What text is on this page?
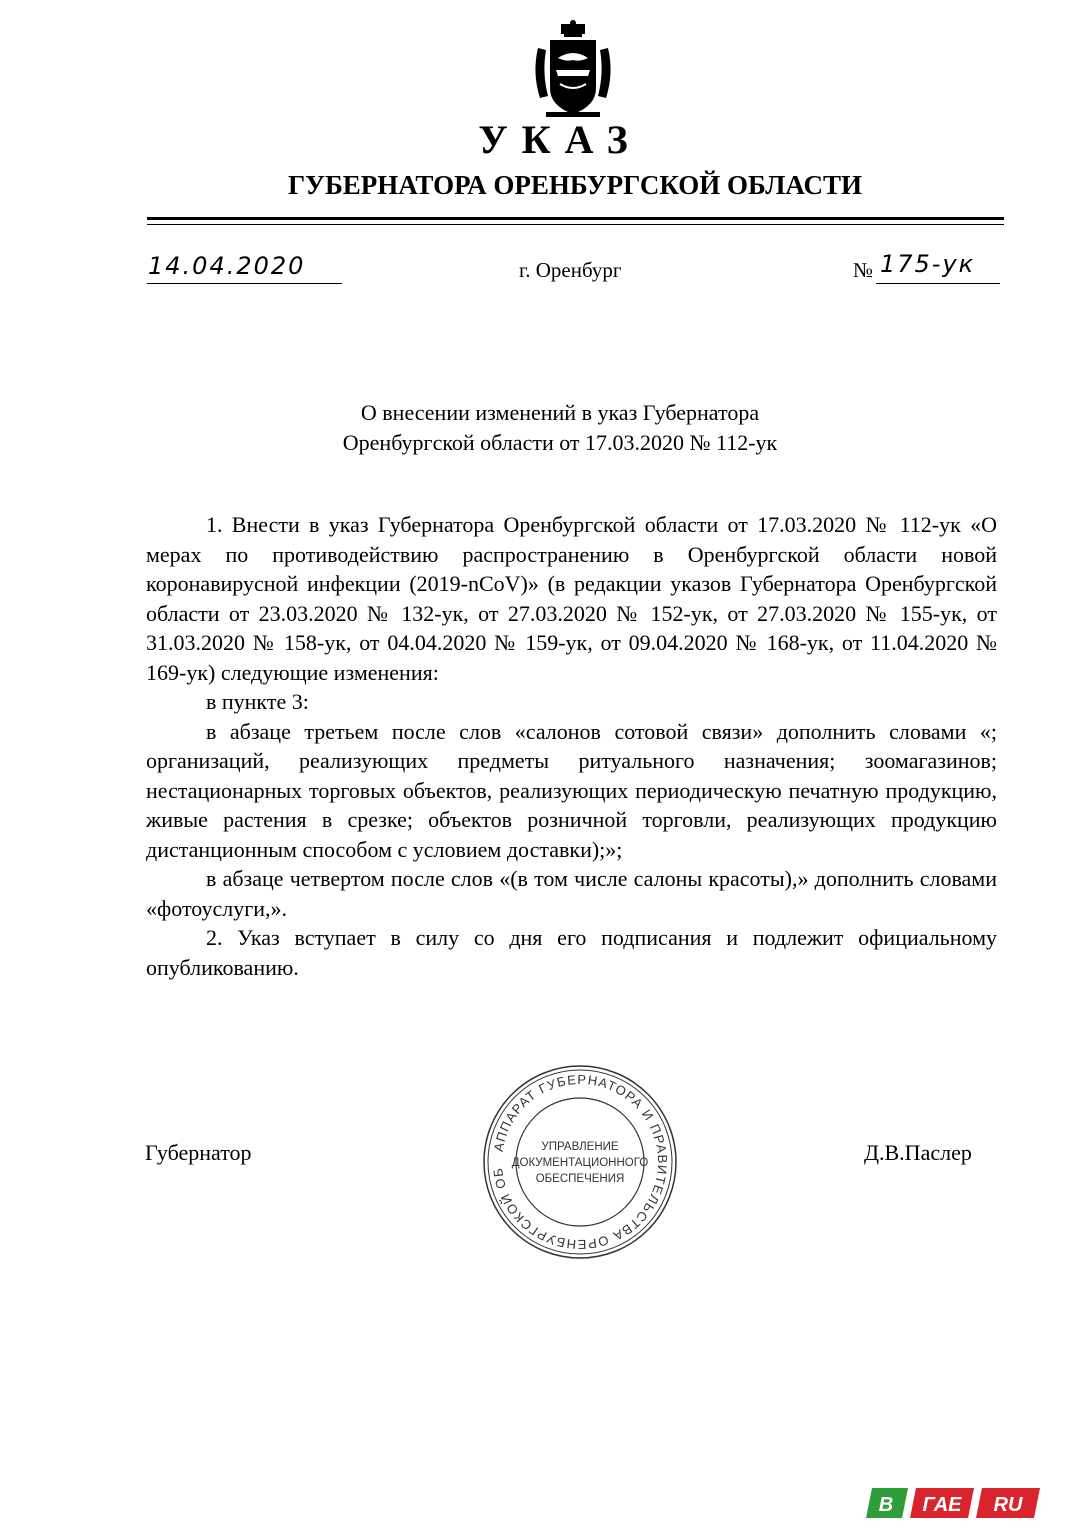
УКАЗ
ГУБЕРНАТОРА ОРЕНБУРГСКОЙ ОБЛАСТИ
14.04.2020	г. Оренбург	№ 175-ук
О внесении изменений в указ Губернатора
Оренбургской области от 17.03.2020 № 112-ук

1. Внести в указ Губернатора Оренбургской области от 17.03.2020 № 112-ук «О мерах по противодействию распространению в Оренбургской области новой коронавирусной инфекции (2019-nCoV)» (в редакции указов Губернатора Оренбургской области от 23.03.2020 № 132-ук, от 27.03.2020 № 152-ук, от 27.03.2020 № 155-ук, от 31.03.2020 № 158-ук, от 04.04.2020 № 159-ук, от 09.04.2020 № 168-ук, от 11.04.2020 № 169-ук) следующие изменения:

в пункте 3:

в абзаце третьем после слов «салонов сотовой связи» дополнить словами «; организаций, реализующих предметы ритуального назначения; зоомагазинов; нестационарных торговых объектов, реализующих периодическую печатную продукцию, живые растения в срезке; объектов розничной торговли, реализующих продукцию дистанционным способом с условием доставки);»;

в абзаце четвертом после слов «(в том числе салоны красоты),» дополнить словами «фотоуслуги,».

2. Указ вступает в силу со дня его подписания и подлежит официальному опубликованию.

Губернатор	АППАРАТ ГУБЕРНАТОРА И ПРАВИТЕЛЬСТВА ОРЕНБУРГСКОЙ ОБ
УПРАВЛЕНИЕ
ДОКУМЕНТАЦИОННОГО
ОБЕСПЕЧЕНИЯ
Д.В.Паслер
В ГАЕ RU
